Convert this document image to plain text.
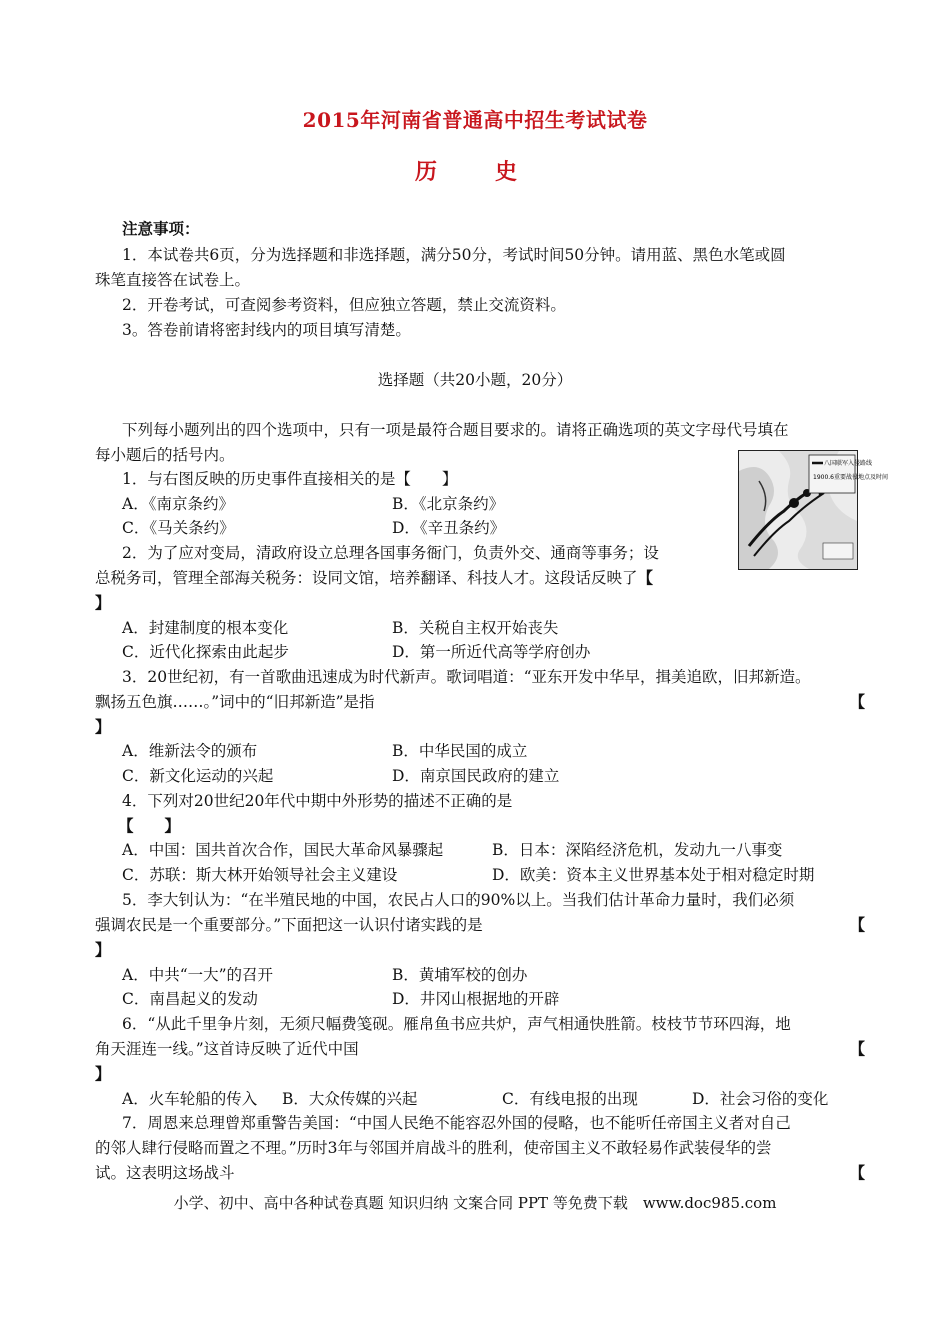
2015年河南省普通高中招生考试试卷
历　史
注意事项：
1．本试卷共6页，分为选择题和非选择题，满分50分，考试时间50分钟。请用蓝、黑色水笔或圆
珠笔直接答在试卷上。
2．开卷考试，可查阅参考资料，但应独立答题，禁止交流资料。
3。答卷前请将密封线内的项目填写清楚。
选择题（共20小题，20分）
下列每小题列出的四个选项中，只有一项是最符合题目要求的。请将正确选项的英文字母代号填在
每小题后的括号内。
1．与右图反映的历史事件直接相关的是【　　】
A．《南京条约》	B．《北京条约》
C．《马关条约》	D．《辛丑条约》
八国联军入侵路线
1900.6重要战役地点及时间
2．为了应对变局，清政府设立总理各国事务衙门，负责外交、通商等事务；设
总税务司，管理全部海关税务：设同文馆，培养翻译、科技人才。这段话反映了【
】
A．封建制度的根本变化	B．关税自主权开始丧失
C．近代化探索由此起步	D．第一所近代高等学府创办
3．20世纪初，有一首歌曲迅速成为时代新声。歌词唱道：“亚东开发中华早，揖美追欧，旧邦新造。
飘扬五色旗……。”词中的“旧邦新造”是指	【
】
A．维新法令的颁布	B．中华民国的成立
C．新文化运动的兴起	D．南京国民政府的建立
4．下列对20世纪20年代中期中外形势的描述不正确的是
【　　】
A．中国：国共首次合作，国民大革命风暴骤起	B．日本：深陷经济危机，发动九一八事变
C．苏联：斯大林开始领导社会主义建设	D．欧美：资本主义世界基本处于相对稳定时期
5．李大钊认为：“在半殖民地的中国，农民占人口的90%以上。当我们估计革命力量时，我们必须
强调农民是一个重要部分。”下面把这一认识付诸实践的是	【
】
A．中共“一大”的召开	B．黄埔军校的创办
C．南昌起义的发动	D．井冈山根据地的开辟
6．“从此千里争片刻，无须尺幅费笺砚。雁帛鱼书应共炉，声气相通快胜箭。枝枝节节环四海，地
角天涯连一线。”这首诗反映了近代中国	【
】
A．火车轮船的传入 B．大众传媒的兴起	C．有线电报的出现	D．社会习俗的变化
7．周恩来总理曾郑重警告美国：“中国人民绝不能容忍外国的侵略，也不能听任帝国主义者对自己
的邻人肆行侵略而置之不理。”历时3年与邻国并肩战斗的胜利，使帝国主义不敢轻易作武装侵华的尝
试。这表明这场战斗	【
小学、初中、高中各种试卷真题 知识归纳 文案合同 PPT 等免费下载　www.doc985.com
